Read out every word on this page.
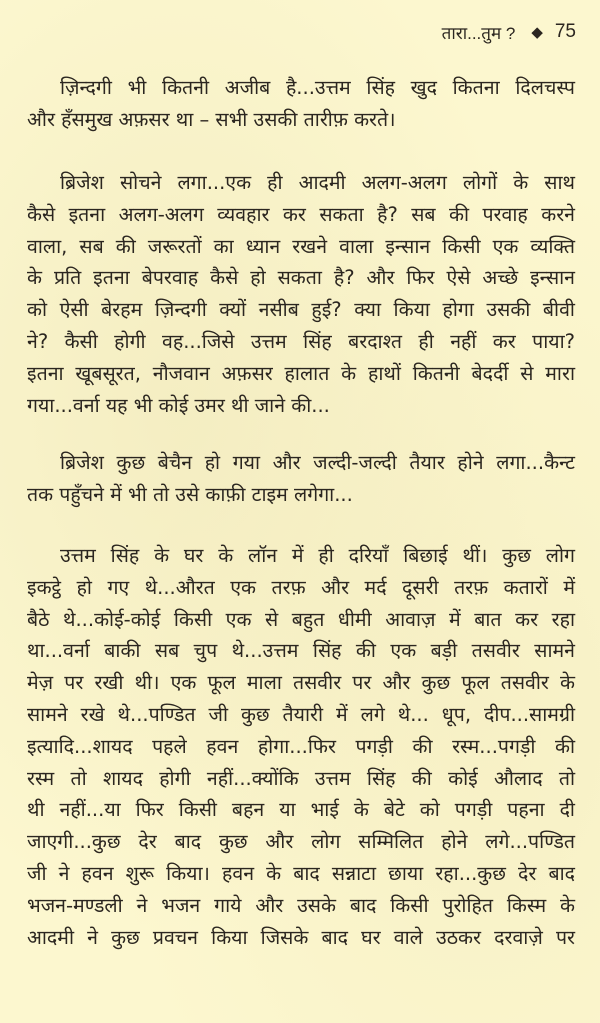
तारा...तुम ? ◆ 75
ज़िन्दगी भी कितनी अजीब है...उत्तम सिंह खुद कितना दिलचस्प
और हँसमुख अफ़सर था – सभी उसकी तारीफ़ करते।
ब्रिजेश सोचने लगा...एक ही आदमी अलग-अलग लोगों के साथ
कैसे इतना अलग-अलग व्यवहार कर सकता है? सब की परवाह करने
वाला, सब की जरूरतों का ध्यान रखने वाला इन्सान किसी एक व्यक्ति
के प्रति इतना बेपरवाह कैसे हो सकता है? और फिर ऐसे अच्छे इन्सान
को ऐसी बेरहम ज़िन्दगी क्यों नसीब हुई? क्या किया होगा उसकी बीवी
ने? कैसी होगी वह...जिसे उत्तम सिंह बरदाश्त ही नहीं कर पाया?
इतना खूबसूरत, नौजवान अफ़सर हालात के हाथों कितनी बेदर्दी से मारा
गया...वर्ना यह भी कोई उमर थी जाने की...
ब्रिजेश कुछ बेचैन हो गया और जल्दी-जल्दी तैयार होने लगा...कैन्ट
तक पहुँचने में भी तो उसे काफ़ी टाइम लगेगा...
उत्तम सिंह के घर के लॉन में ही दरियाँ बिछाई थीं। कुछ लोग
इकट्ठे हो गए थे...औरत एक तरफ़ और मर्द दूसरी तरफ़ कतारों में
बैठे थे...कोई-कोई किसी एक से बहुत धीमी आवाज़ में बात कर रहा
था...वर्ना बाकी सब चुप थे...उत्तम सिंह की एक बड़ी तसवीर सामने
मेज़ पर रखी थी। एक फूल माला तसवीर पर और कुछ फूल तसवीर के
सामने रखे थे...पण्डित जी कुछ तैयारी में लगे थे... धूप, दीप...सामग्री
इत्यादि...शायद पहले हवन होगा...फिर पगड़ी की रस्म...पगड़ी की
रस्म तो शायद होगी नहीं...क्योंकि उत्तम सिंह की कोई औलाद तो
थी नहीं...या फिर किसी बहन या भाई के बेटे को पगड़ी पहना दी
जाएगी...कुछ देर बाद कुछ और लोग सम्मिलित होने लगे...पण्डित
जी ने हवन शुरू किया। हवन के बाद सन्नाटा छाया रहा...कुछ देर बाद
भजन-मण्डली ने भजन गाये और उसके बाद किसी पुरोहित किस्म के
आदमी ने कुछ प्रवचन किया जिसके बाद घर वाले उठकर दरवाज़े पर
